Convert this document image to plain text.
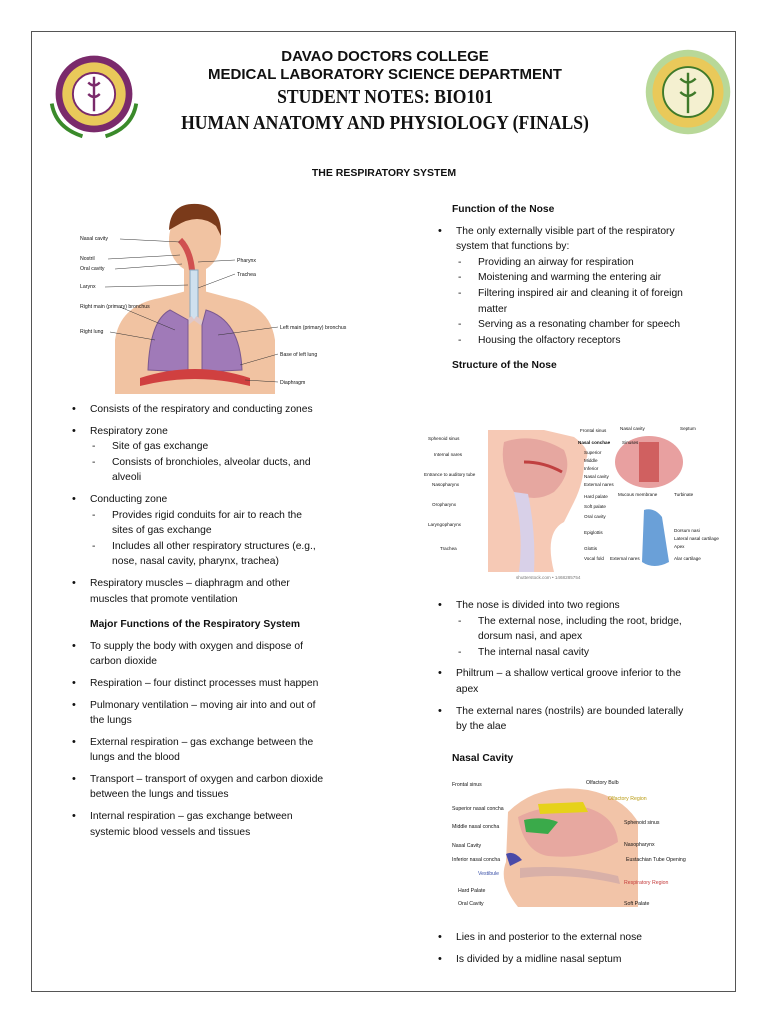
DAVAO DOCTORS COLLEGE
MEDICAL LABORATORY SCIENCE DEPARTMENT
STUDENT NOTES: BIO101
HUMAN ANATOMY AND PHYSIOLOGY (FINALS)
THE RESPIRATORY SYSTEM
Nasal cavity
Nostril
Oral cavity
Larynx
Right main (primary) bronchus
Right lung
Pharynx
Trachea
Left main (primary) bronchus
Base of left lung
Diaphragm
• Consists of the respiratory and conducting zones
• Respiratory zone
- Site of gas exchange
- Consists of bronchioles, alveolar ducts, and alveoli
• Conducting zone
- Provides rigid conduits for air to reach the sites of gas exchange
- Includes all other respiratory structures (e.g., nose, nasal cavity, pharynx, trachea)
• Respiratory muscles – diaphragm and other muscles that promote ventilation
Major Functions of the Respiratory System
• To supply the body with oxygen and dispose of carbon dioxide
• Respiration – four distinct processes must happen
• Pulmonary ventilation – moving air into and out of the lungs
• External respiration – gas exchange between the lungs and the blood
• Transport – transport of oxygen and carbon dioxide between the lungs and tissues
• Internal respiration – gas exchange between systemic blood vessels and tissues
Function of the Nose
• The only externally visible part of the respiratory system that functions by:
- Providing an airway for respiration
- Moistening and warming the entering air
- Filtering inspired air and cleaning it of foreign matter
- Serving as a resonating chamber for speech
- Housing the olfactory receptors
Structure of the Nose
Sphenoid sinus
Internal nares
Entrance to auditory tube
Nasopharynx
Oropharynx
Laryngopharynx
Trachea
Frontal sinus
Nasal conchae
Superior
Middle
Inferior
Nasal cavity
External nares
Hard palate
Soft palate
Oral cavity
Epiglottis
Glottis
Vocal fold
Nasal cavity	Septum
Sinuses
Mucous membrane	Turbinate
Dorsum nasi
Lateral nasal cartilage
Apex
External nares	Alar cartilage
shutterstock.com • 1468285754
• The nose is divided into two regions
- The external nose, including the root, bridge, dorsum nasi, and apex
- The internal nasal cavity
• Philtrum – a shallow vertical groove inferior to the apex
• The external nares (nostrils) are bounded laterally by the alae
Nasal Cavity
Frontal sinus
Superior nasal concha
Middle nasal concha
Nasal Cavity
Inferior nasal concha
Vestibule
Hard Palate
Oral Cavity
Olfactory Bulb
Olfactory Region
Sphenoid sinus
Nasopharynx
Eustachian Tube Opening
Respiratory Region
Soft Palate
• Lies in and posterior to the external nose
• Is divided by a midline nasal septum
